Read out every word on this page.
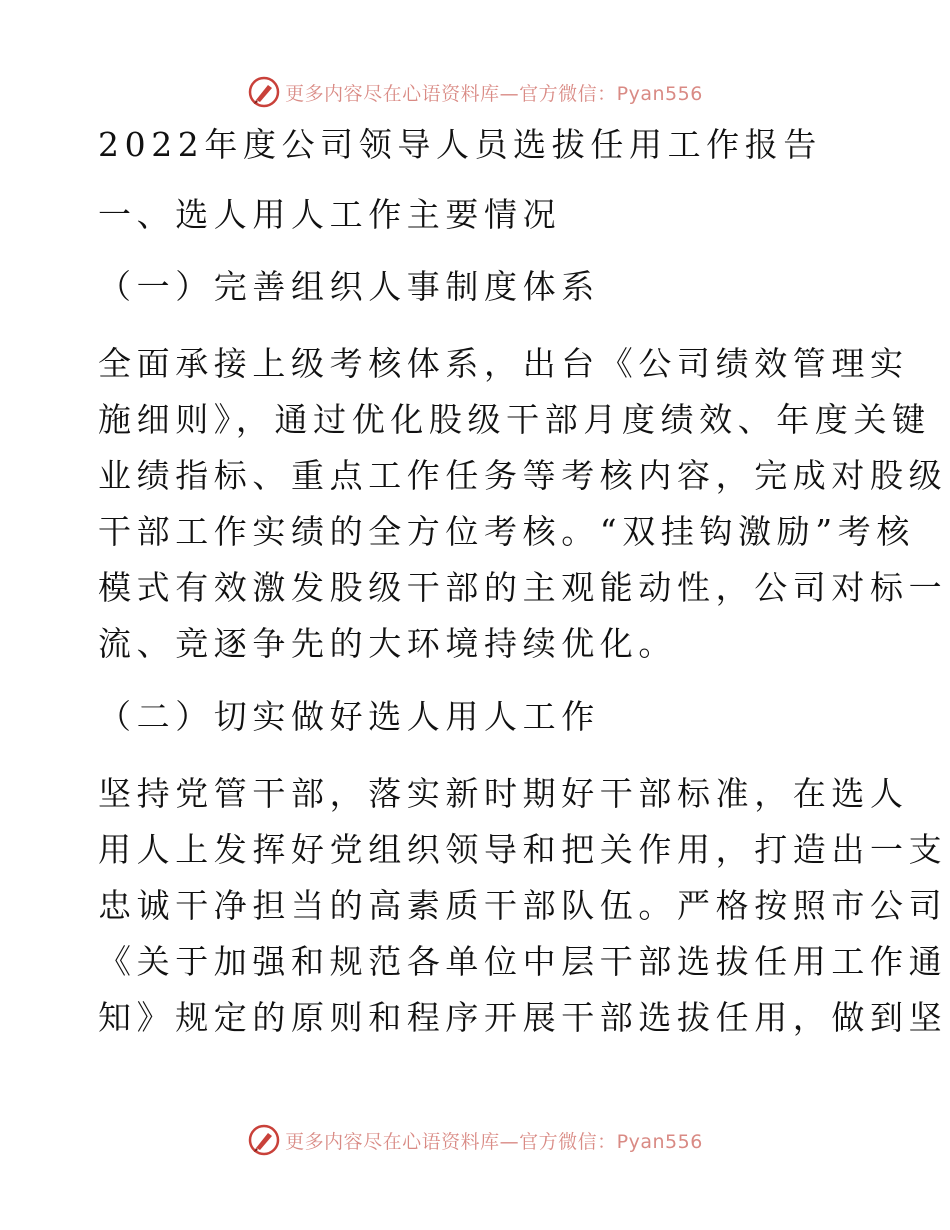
更多内容尽在心语资料库—官方微信：Pyan556
2022年度公司领导人员选拔任用工作报告
一、选人用人工作主要情况
（一）完善组织人事制度体系
全面承接上级考核体系，出台《公司绩效管理实
施细则》，通过优化股级干部月度绩效、年度关键
业绩指标、重点工作任务等考核内容，完成对股级
干部工作实绩的全方位考核。“双挂钩激励”考核
模式有效激发股级干部的主观能动性，公司对标一
流、竞逐争先的大环境持续优化。
（二）切实做好选人用人工作
坚持党管干部，落实新时期好干部标准，在选人
用人上发挥好党组织领导和把关作用，打造出一支
忠诚干净担当的高素质干部队伍。严格按照市公司
《关于加强和规范各单位中层干部选拔任用工作通
知》规定的原则和程序开展干部选拔任用，做到坚
更多内容尽在心语资料库—官方微信：Pyan556
